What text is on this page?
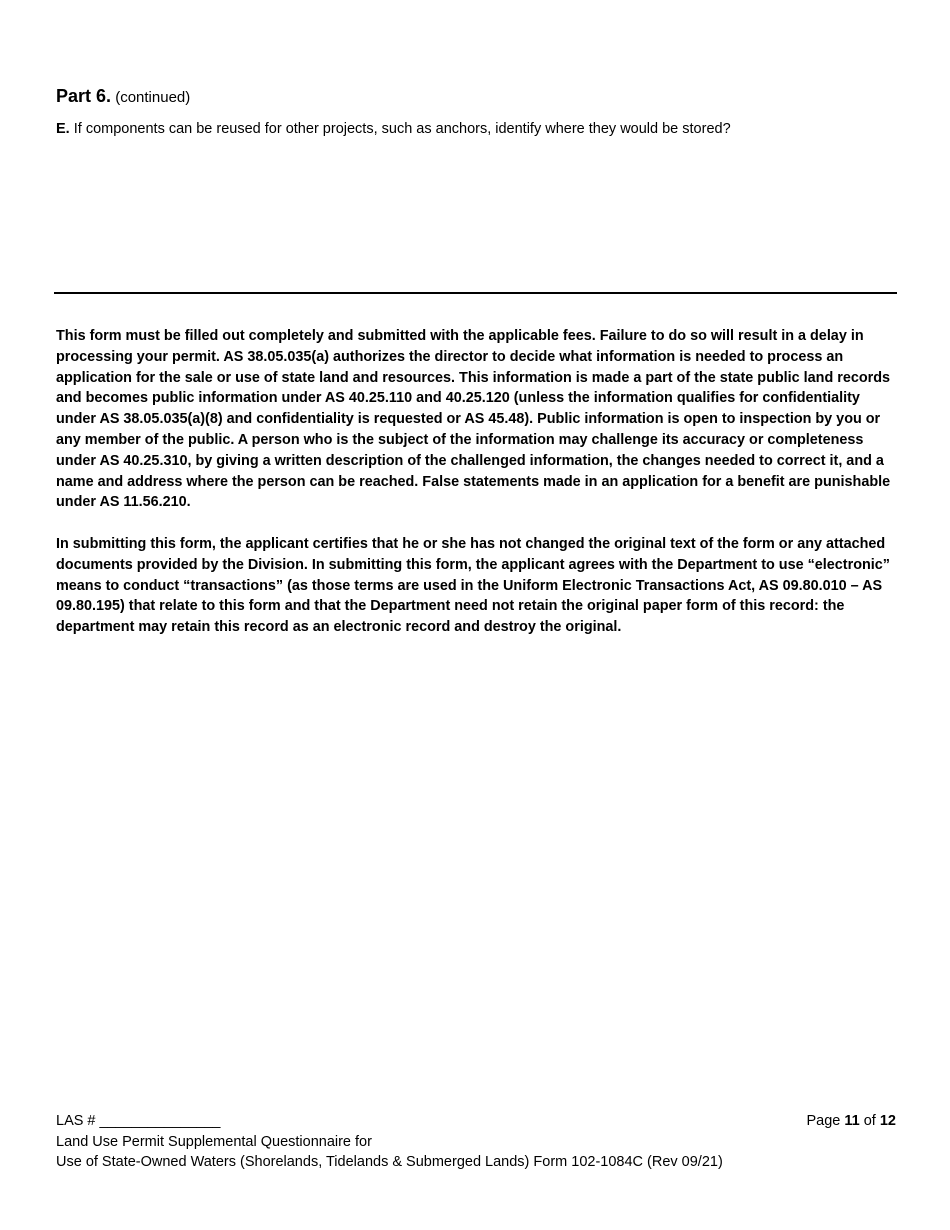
Part 6. (continued)

E. If components can be reused for other projects, such as anchors, identify where they would be stored?

This form must be filled out completely and submitted with the applicable fees. Failure to do so will result in a delay in processing your permit. AS 38.05.035(a) authorizes the director to decide what information is needed to process an application for the sale or use of state land and resources. This information is made a part of the state public land records and becomes public information under AS 40.25.110 and 40.25.120 (unless the information qualifies for confidentiality under AS 38.05.035(a)(8) and confidentiality is requested or AS 45.48). Public information is open to inspection by you or any member of the public. A person who is the subject of the information may challenge its accuracy or completeness under AS 40.25.310, by giving a written description of the challenged information, the changes needed to correct it, and a name and address where the person can be reached. False statements made in an application for a benefit are punishable under AS 11.56.210.

In submitting this form, the applicant certifies that he or she has not changed the original text of the form or any attached documents provided by the Division. In submitting this form, the applicant agrees with the Department to use “electronic” means to conduct “transactions” (as those terms are used in the Uniform Electronic Transactions Act, AS 09.80.010 – AS 09.80.195) that relate to this form and that the Department need not retain the original paper form of this record: the department may retain this record as an electronic record and destroy the original.

LAS # _______________	Page 11 of 12
Land Use Permit Supplemental Questionnaire for
Use of State-Owned Waters (Shorelands, Tidelands & Submerged Lands) Form 102-1084C (Rev 09/21)
